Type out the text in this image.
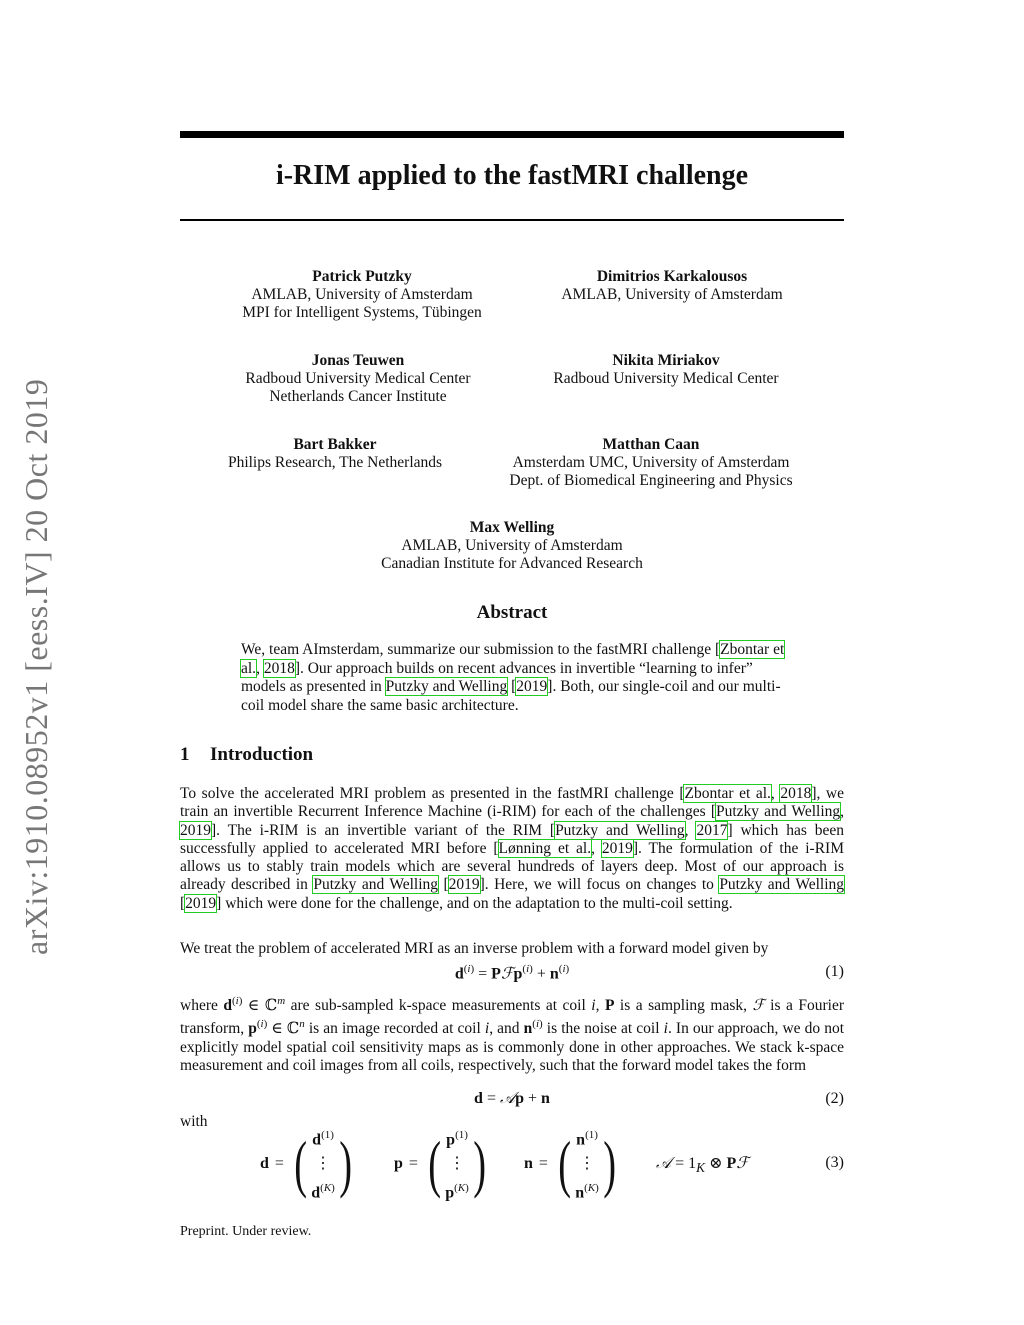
arXiv:1910.08952v1 [eess.IV] 20 Oct 2019
i-RIM applied to the fastMRI challenge
Patrick Putzky
AMLAB, University of Amsterdam
MPI for Intelligent Systems, Tübingen
Dimitrios Karkalousos
AMLAB, University of Amsterdam
Jonas Teuwen
Radboud University Medical Center
Netherlands Cancer Institute
Nikita Miriakov
Radboud University Medical Center
Bart Bakker
Philips Research, The Netherlands
Matthan Caan
Amsterdam UMC, University of Amsterdam
Dept. of Biomedical Engineering and Physics
Max Welling
AMLAB, University of Amsterdam
Canadian Institute for Advanced Research
Abstract
We, team AImsterdam, summarize our submission to the fastMRI challenge [Zbontar et al., 2018]. Our approach builds on recent advances in invertible “learning to infer” models as presented in Putzky and Welling [2019]. Both, our single-coil and our multi-coil model share the same basic architecture.
1 Introduction
To solve the accelerated MRI problem as presented in the fastMRI challenge [Zbontar et al., 2018], we train an invertible Recurrent Inference Machine (i-RIM) for each of the challenges [Putzky and Welling, 2019]. The i-RIM is an invertible variant of the RIM [Putzky and Welling, 2017] which has been successfully applied to accelerated MRI before [Lønning et al., 2019]. The formulation of the i-RIM allows us to stably train models which are several hundreds of layers deep. Most of our approach is already described in Putzky and Welling [2019]. Here, we will focus on changes to Putzky and Welling [2019] which were done for the challenge, and on the adaptation to the multi-coil setting.
We treat the problem of accelerated MRI as an inverse problem with a forward model given by
$d^{(i)}$ = Pℱp$^{(i)}$ + $n^{(i)}$	(1)
where $d^{(i)}$ ∈ ℂ$^m$ are sub-sampled k-space measurements at coil i, P is a sampling mask, ℱ is a Fourier transform, $p^{(i)}$ ∈ ℂ$^n$ is an image recorded at coil i, and $n^{(i)}$ is the noise at coil i. In our approach, we do not explicitly model spatial coil sensitivity maps as is commonly done in other approaches. We stack k-space measurement and coil images from all coils, respectively, such that the forward model takes the form
d = 𝒜p + n	(2)
with
d = ( $d^{(1)}$
⋮
$d^{(K)}$ )	p = ( $p^{(1)}$
⋮
$p^{(K)}$ ) n = ( $n^{(1)}$
⋮
$n^{(K)}$ )	𝒜 = $1_K$ ⊗ Pℱ	(3)
Preprint. Under review.
